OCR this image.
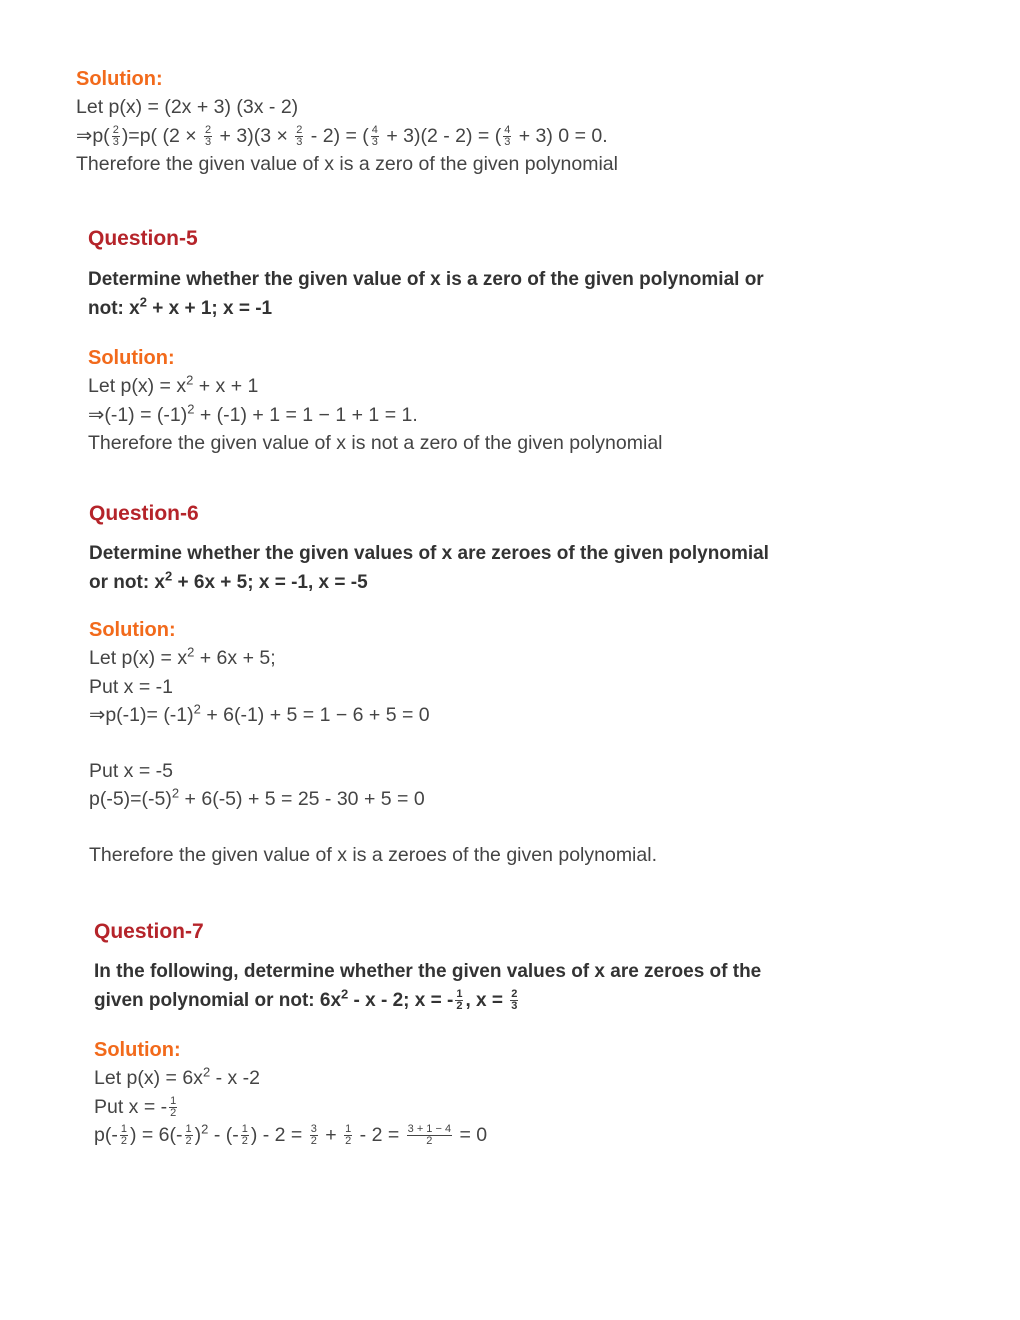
Solution:
Let p(x) = (2x + 3) (3x - 2)
⇒p( $\frac{2}{3} )=p$( $(2 \times \frac{2}{3} + 3)(3 \times \frac{2}{3} - 2)$ = ( $\frac{4}{3} + 3)(2 - 2)$ = ( $\frac{4}{3} + 3$) 0 = 0.
Therefore the given value of x is a zero of the given polynomial
Question-5
Determine whether the given value of x is a zero of the given polynomial or
not: $x^2 + x + 1$; x = -1
Solution:
Let $p(x) = x^2 + x + 1$
⇒(-1) = $(-1)^2 + (-1) + 1 = 1 - 1 + 1 = 1$.
Therefore the given value of x is not a zero of the given polynomial
Question-6
Determine whether the given values of x are zeroes of the given polynomial
or not: $x^2 + 6x + 5$; x = -1, x = -5
Solution:
Let $p(x) = x^2 + 6x + 5$;
Put x = -1
⇒p(-1)= $(-1)^2 + 6(-1) + 5 = 1 - 6 + 5 = 0$
Put x = -5
$p(-5)=(-5)^2 + 6(-5) + 5 = 25 - 30 + 5 = 0$
Therefore the given value of x is a zeroes of the given polynomial.
Question-7
In the following, determine whether the given values of x are zeroes of the
given polynomial or not: $6x^2$ - x - 2; x = - $\frac{1}{2}$ , $x = \frac{2}{3}$
Solution:
Let $p(x) = 6x^2 - x$ -2
Put x = - $\frac{1}{2}$
$p(- \frac{1}{2}$ ) = $6(- \frac{1}{2} )^2$ - (- $\frac{1}{2}$ ) - $2 = \frac{3}{2} + \frac{1}{2} - 2 = \frac{3 + 1 - 4}{2} = 0$
